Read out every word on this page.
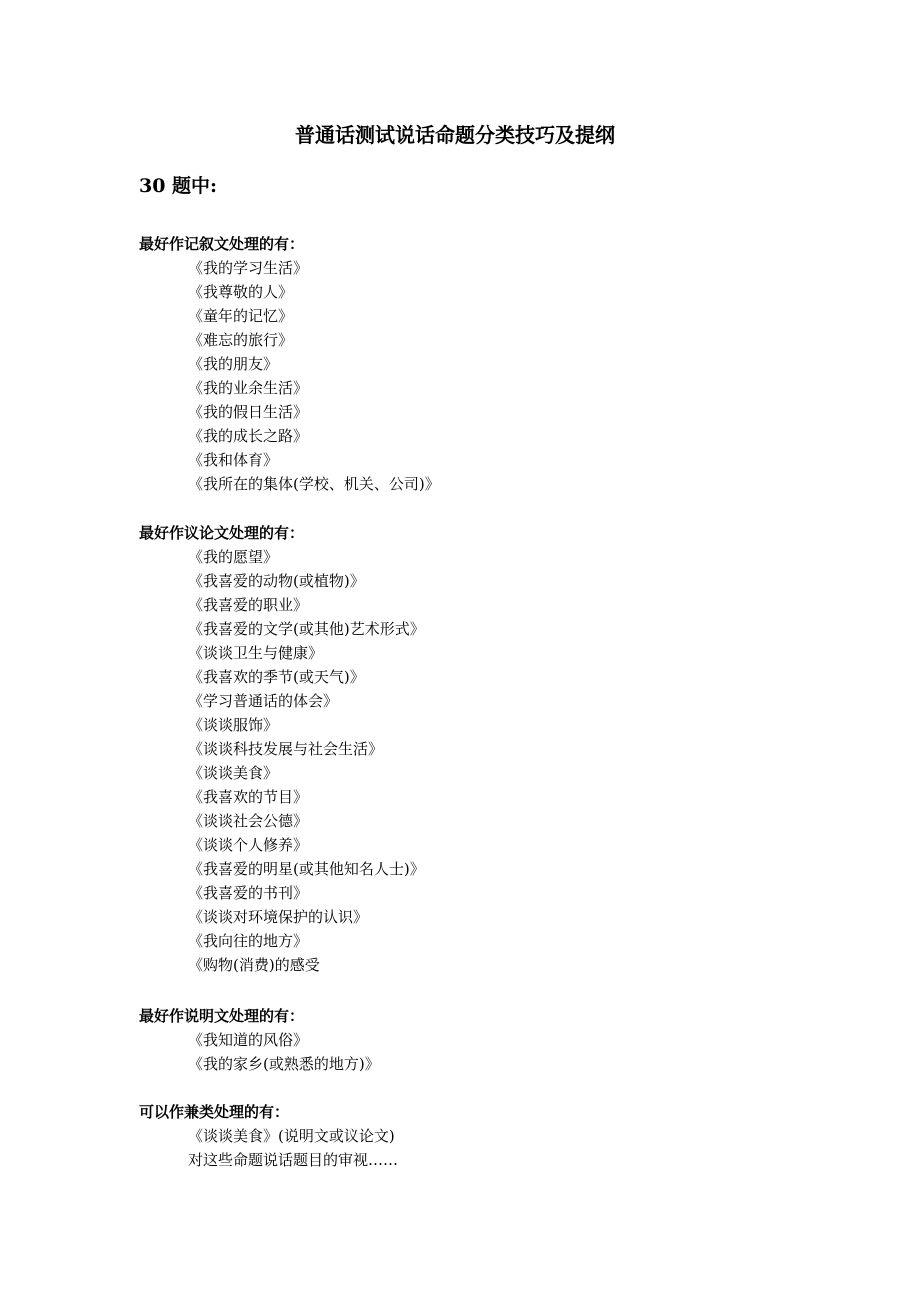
普通话测试说话命题分类技巧及提纲
30 题中:
最好作记叙文处理的有：
《我的学习生活》
《我尊敬的人》
《童年的记忆》
《难忘的旅行》
《我的朋友》
《我的业余生活》
《我的假日生活》
《我的成长之路》
《我和体育》
《我所在的集体(学校、机关、公司)》
最好作议论文处理的有：
《我的愿望》
《我喜爱的动物(或植物)》
《我喜爱的职业》
《我喜爱的文学(或其他)艺术形式》
《谈谈卫生与健康》
《我喜欢的季节(或天气)》
《学习普通话的体会》
《谈谈服饰》
《谈谈科技发展与社会生活》
《谈谈美食》
《我喜欢的节目》
《谈谈社会公德》
《谈谈个人修养》
《我喜爱的明星(或其他知名人士)》
《我喜爱的书刊》
《谈谈对环境保护的认识》
《我向往的地方》
《购物(消费)的感受
最好作说明文处理的有：
《我知道的风俗》
《我的家乡(或熟悉的地方)》
可以作兼类处理的有：
《谈谈美食》(说明文或议论文)
对这些命题说话题目的审视……
